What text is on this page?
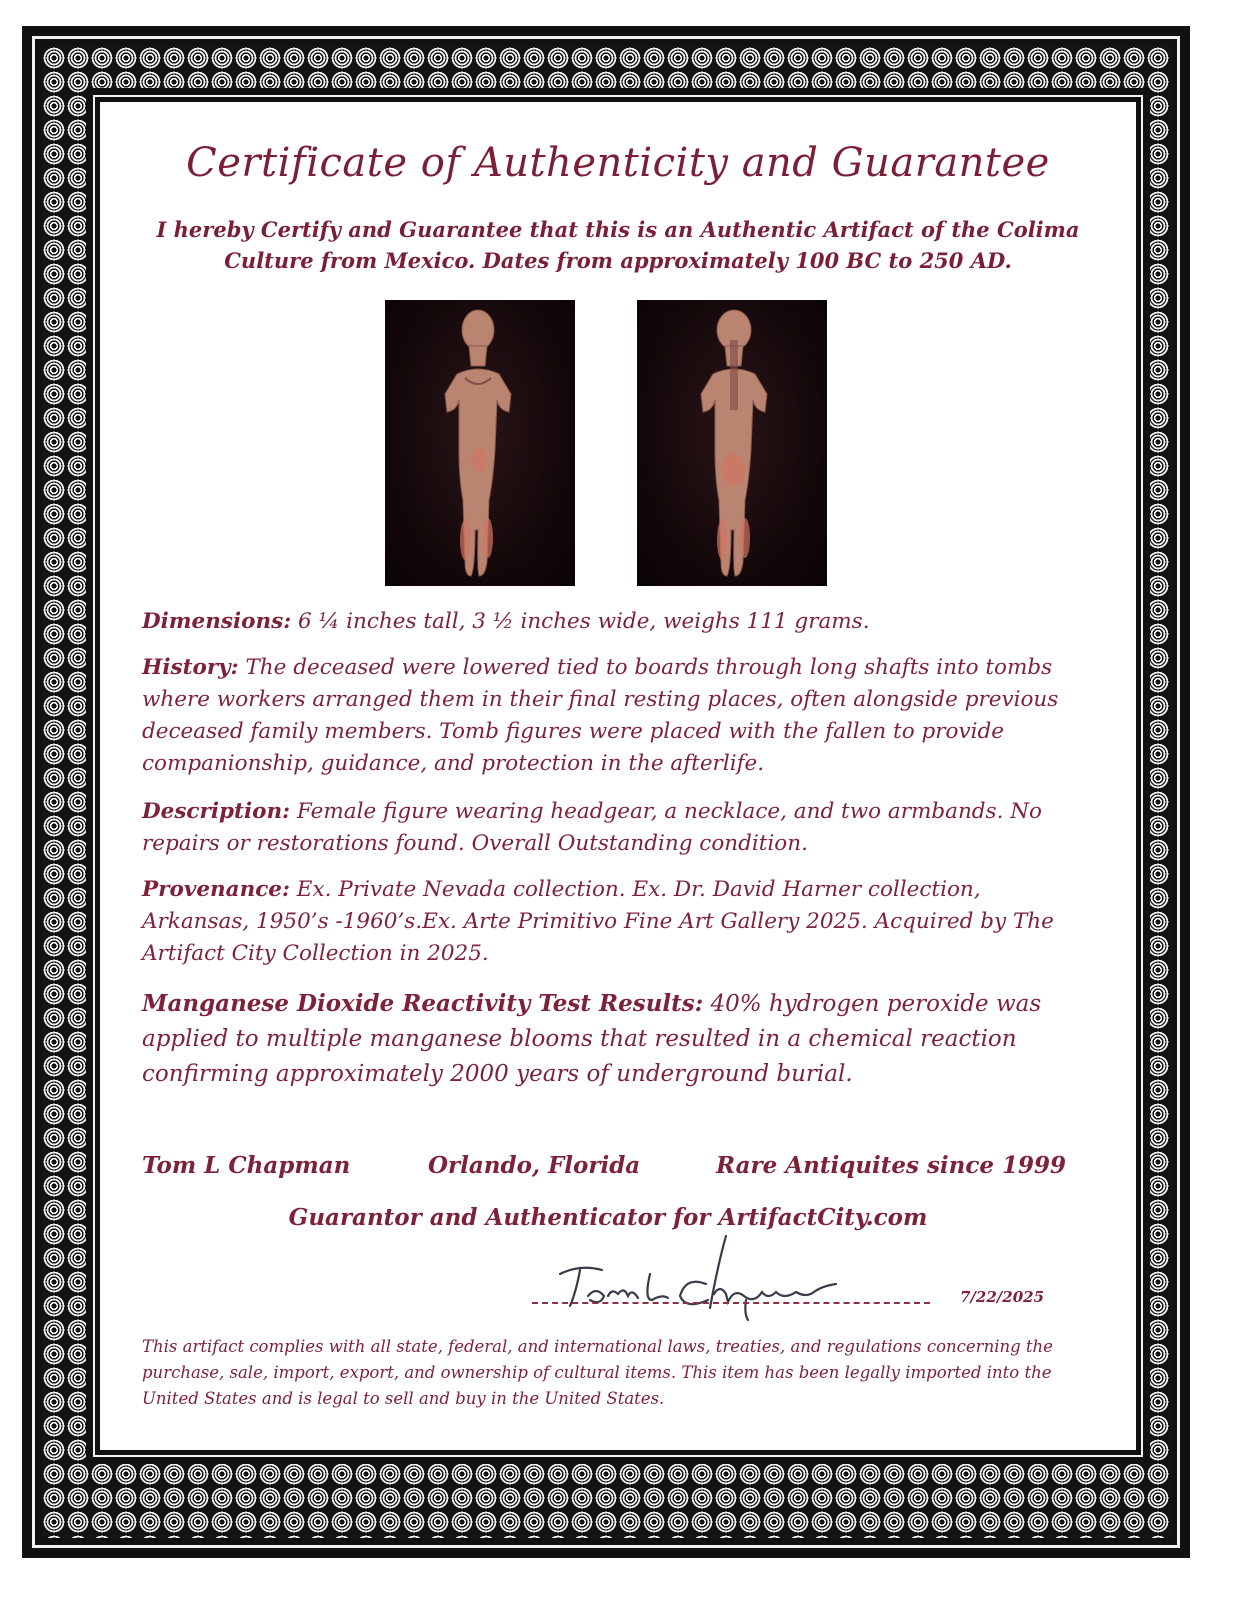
Certificate of Authenticity and Guarantee
I hereby Certify and Guarantee that this is an Authentic Artifact of the Colima Culture from Mexico. Dates from approximately 100 BC to 250 AD.
Dimensions: 6 ¼ inches tall, 3 ½ inches wide, weighs 111 grams.
History: The deceased were lowered tied to boards through long shafts into tombs where workers arranged them in their final resting places, often alongside previous deceased family members. Tomb figures were placed with the fallen to provide companionship, guidance, and protection in the afterlife.
Description: Female figure wearing headgear, a necklace, and two armbands. No repairs or restorations found. Overall Outstanding condition.
Provenance: Ex. Private Nevada collection. Ex. Dr. David Harner collection, Arkansas, 1950’s -1960’s.Ex. Arte Primitivo Fine Art Gallery 2025. Acquired by The Artifact City Collection in 2025.
Manganese Dioxide Reactivity Test Results: 40% hydrogen peroxide was applied to multiple manganese blooms that resulted in a chemical reaction confirming approximately 2000 years of underground burial.
Tom L Chapman	Orlando, Florida	Rare Antiquites since 1999
Guarantor and Authenticator for ArtifactCity.com
7/22/2025
This artifact complies with all state, federal, and international laws, treaties, and regulations concerning the purchase, sale, import, export, and ownership of cultural items. This item has been legally imported into the United States and is legal to sell and buy in the United States.
